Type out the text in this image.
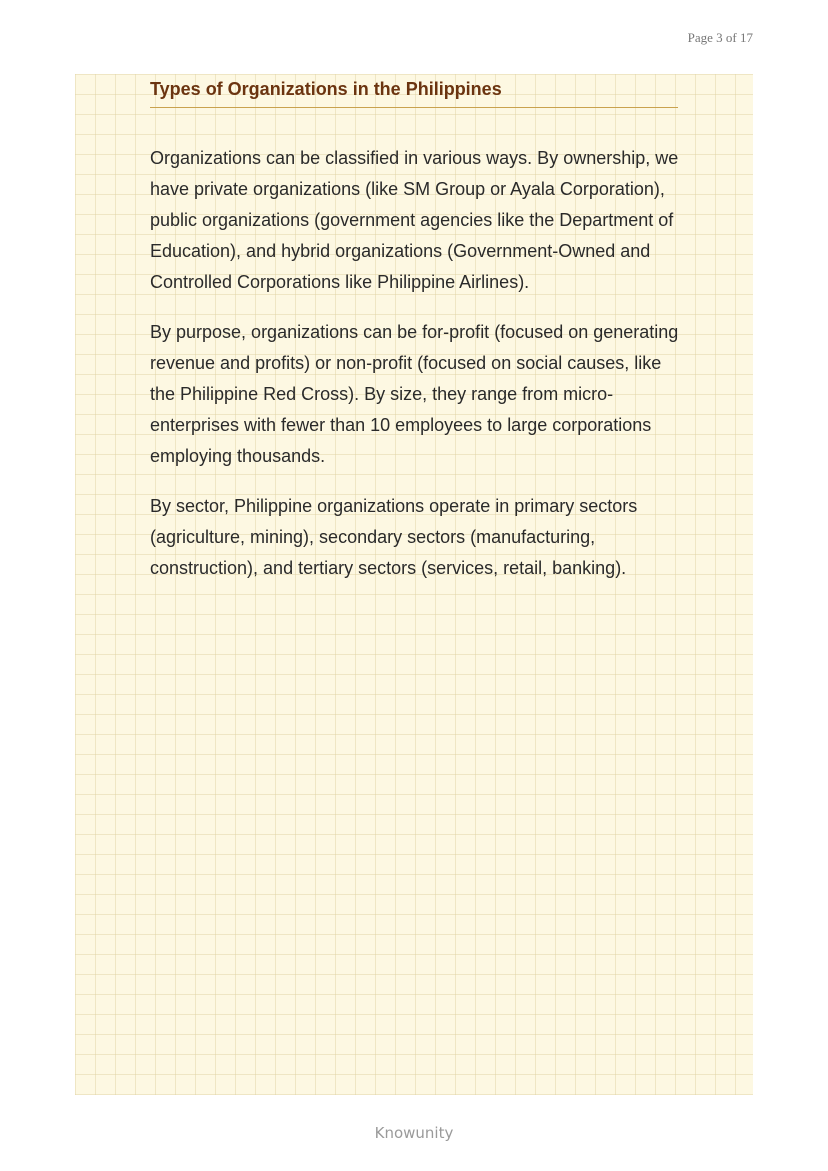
Page 3 of 17
Types of Organizations in the Philippines

Organizations can be classified in various ways. By ownership, we have private organizations (like SM Group or Ayala Corporation), public organizations (government agencies like the Department of Education), and hybrid organizations (Government-Owned and Controlled Corporations like Philippine Airlines).

By purpose, organizations can be for-profit (focused on generating revenue and profits) or non-profit (focused on social causes, like the Philippine Red Cross). By size, they range from micro-enterprises with fewer than 10 employees to large corporations employing thousands.

By sector, Philippine organizations operate in primary sectors (agriculture, mining), secondary sectors (manufacturing, construction), and tertiary sectors (services, retail, banking).

Knowunity
